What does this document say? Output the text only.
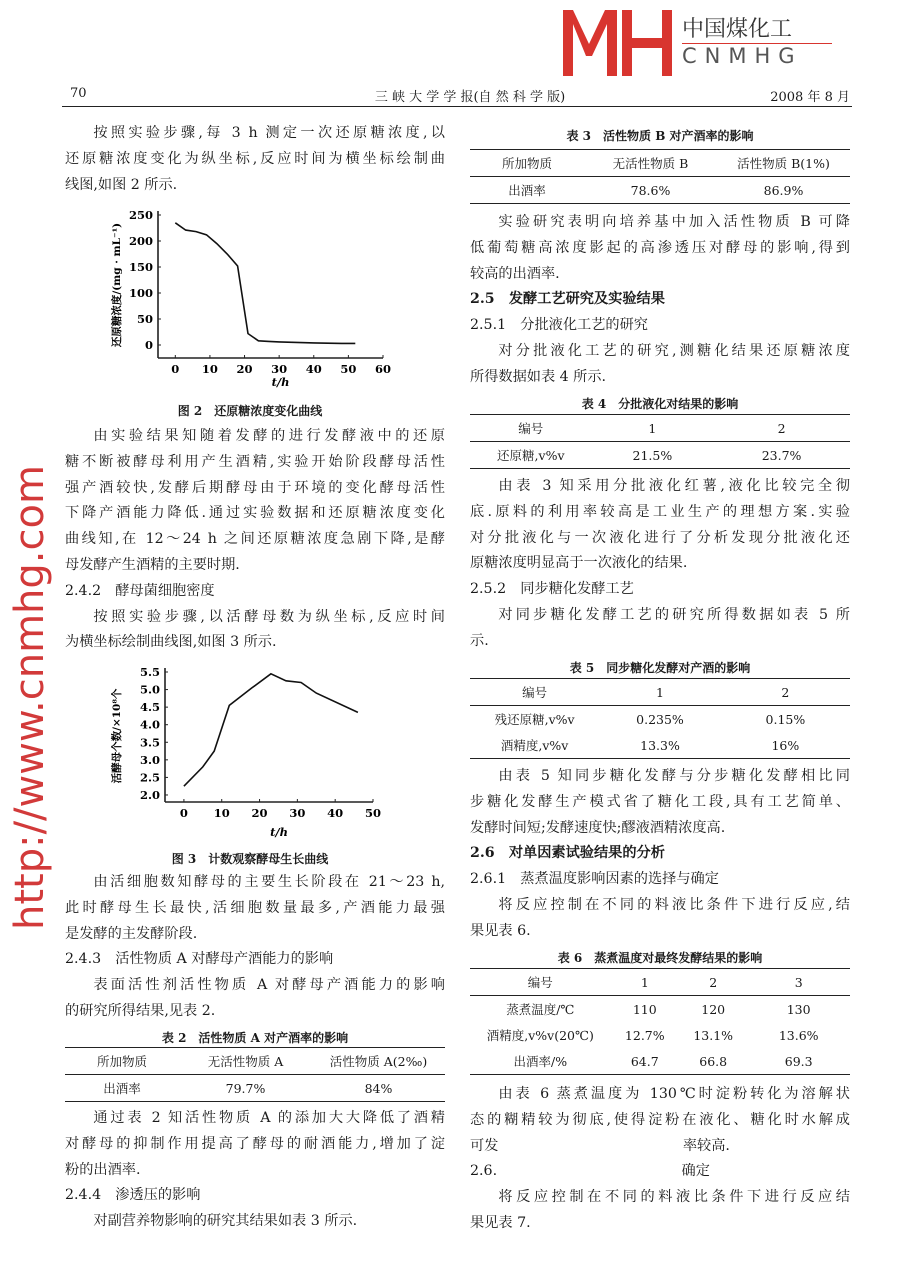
70	三 峡 大 学 学 报(自 然 科 学 版)	2008 年 8 月
按照实验步骤,每 3 h 测定一次还原糖浓度,以
还原糖浓度变化为纵坐标,反应时间为横坐标绘制曲
线图,如图 2 所示.
图 2　还原糖浓度变化曲线
由实验结果知随着发酵的进行发酵液中的还原
糖不断被酵母利用产生酒精,实验开始阶段酵母活性
强产酒较快,发酵后期酵母由于环境的变化酵母活性
下降产酒能力降低.通过实验数据和还原糖浓度变化
曲线知,在 12～24 h 之间还原糖浓度急剧下降,是酵
母发酵产生酒精的主要时期.
2.4.2　酵母菌细胞密度
按照实验步骤,以活酵母数为纵坐标,反应时间
为横坐标绘制曲线图,如图 3 所示.
图 3　计数观察酵母生长曲线
由活细胞数知酵母的主要生长阶段在 21～23 h,
此时酵母生长最快,活细胞数量最多,产酒能力最强
是发酵的主发酵阶段.
2.4.3　活性物质 A 对酵母产酒能力的影响
表面活性剂活性物质 A 对酵母产酒能力的影响
的研究所得结果,见表 2.
表 2　活性物质 A 对产酒率的影响
所加物质	无活性物质 A	活性物质 A(2‰)
出酒率	79.7%	84%
通过表 2 知活性物质 A 的添加大大降低了酒精
对酵母的抑制作用提高了酵母的耐酒能力,增加了淀
粉的出酒率.
2.4.4　渗透压的影响
对副营养物影响的研究其结果如表 3 所示.
表 3　活性物质 B 对产酒率的影响
所加物质	无活性物质 B	活性物质 B(1%)
出酒率	78.6%	86.9%
实验研究表明向培养基中加入活性物质 B 可降
低葡萄糖高浓度影起的高渗透压对酵母的影响,得到
较高的出酒率.
2.5　发酵工艺研究及实验结果
2.5.1　分批液化工艺的研究
对分批液化工艺的研究,测糖化结果还原糖浓度
所得数据如表 4 所示.
表 4　分批液化对结果的影响
编号	1	2
还原糖,v%v	21.5%	23.7%
由表 3 知采用分批液化红薯,液化比较完全彻
底.原料的利用率较高是工业生产的理想方案.实验
对分批液化与一次液化进行了分析发现分批液化还
原糖浓度明显高于一次液化的结果.
2.5.2　同步糖化发酵工艺
对同步糖化发酵工艺的研究所得数据如表 5 所
示.
表 5　同步糖化发酵对产酒的影响
编号	1	2
残还原糖,v%v	0.235%	0.15%
酒精度,v%v	13.3%	16%
由表 5 知同步糖化发酵与分步糖化发酵相比同
步糖化发酵生产模式省了糖化工段,具有工艺简单、
发酵时间短;发酵速度快;醪液酒精浓度高.
2.6　对单因素试验结果的分析
2.6.1　蒸煮温度影响因素的选择与确定
将反应控制在不同的料液比条件下进行反应,结
果见表 6.
表 6　蒸煮温度对最终发酵结果的影响
编号	1	2	3
蒸煮温度/℃	110	120	130
酒精度,v%v(20℃)	12.7%	13.1%	13.6%
出酒率/%	64.7	66.8	69.3
由表 6 蒸煮温度为 130℃时淀粉转化为溶解状
态的糊精较为彻底,使得淀粉在液化、糖化时水解成
可发　　　　　　　　　　　　　率较高.
2.6.　　　　　　　　　　　　　确定
将反应控制在不同的料液比条件下进行反应结
果见表 7.
0 10 20 30 40 50 60
0
50
100
150
200
250
t/h
还原糖浓度/(mg · mL⁻¹)
0 10 20 30 40 50
2.0
2.5
3.0
3.5
4.0
4.5
5.0
5.5
t/h
活酵母个数/×10⁸个
http://www.cnmhg.com
中国煤化工
CNMHG
